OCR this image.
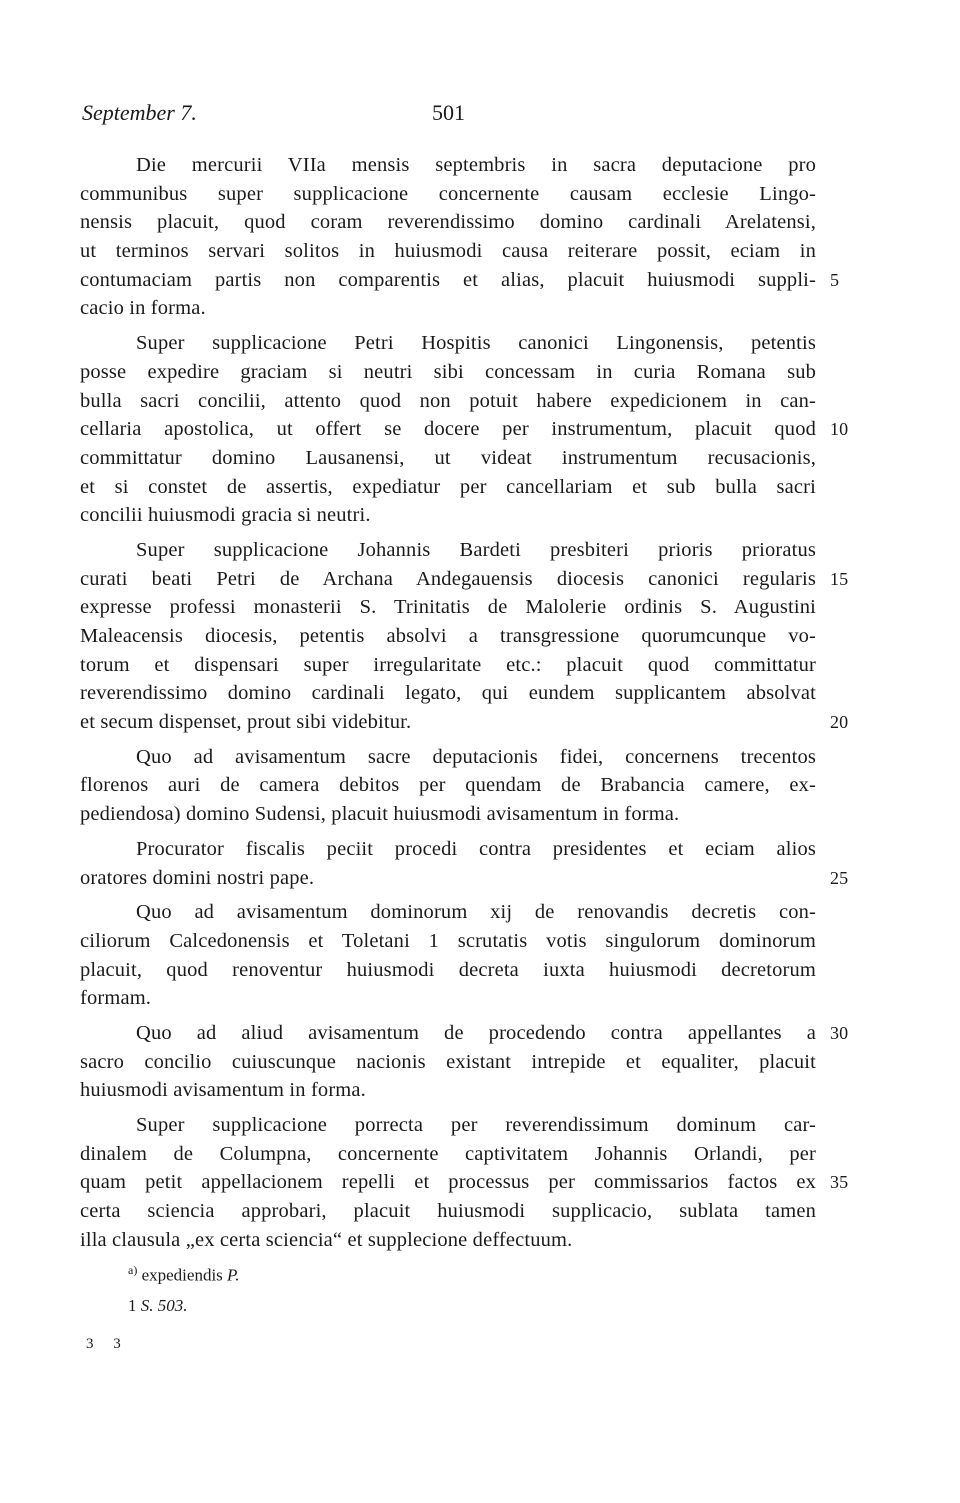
September 7.	501
Die mercurii VIIa mensis septembris in sacra deputacione pro
communibus super supplicacione concernente causam ecclesie Lingo-
nensis placuit, quod coram reverendissimo domino cardinali Arelatensi,
ut terminos servari solitos in huiusmodi causa reiterare possit, eciam in
contumaciam partis non comparentis et alias, placuit huiusmodi suppli- 5
cacio in forma.
Super supplicacione Petri Hospitis canonici Lingonensis, petentis
posse expedire graciam si neutri sibi concessam in curia Romana sub
bulla sacri concilii, attento quod non potuit habere expedicionem in can-
cellaria apostolica, ut offert se docere per instrumentum, placuit quod 10
committatur domino Lausanensi, ut videat instrumentum recusacionis,
et si constet de assertis, expediatur per cancellariam et sub bulla sacri
concilii huiusmodi gracia si neutri.
Super supplicacione Johannis Bardeti presbiteri prioris prioratus
curati beati Petri de Archana Andegauensis diocesis canonici regularis 15
expresse professi monasterii S. Trinitatis de Malolerie ordinis S. Augustini
Maleacensis diocesis, petentis absolvi a transgressione quorumcunque vo-
torum et dispensari super irregularitate etc.: placuit quod committatur
reverendissimo domino cardinali legato, qui eundem supplicantem absolvat
et secum dispenset, prout sibi videbitur.	20
Quo ad avisamentum sacre deputacionis fidei, concernens trecentos
florenos auri de camera debitos per quendam de Brabancia camere, ex-
pediendosa) domino Sudensi, placuit huiusmodi avisamentum in forma.
Procurator fiscalis peciit procedi contra presidentes et eciam alios
oratores domini nostri pape.	25
Quo ad avisamentum dominorum xij de renovandis decretis con-
ciliorum Calcedonensis et Toletani 1 scrutatis votis singulorum dominorum
placuit, quod renoventur huiusmodi decreta iuxta huiusmodi decretorum
formam.
Quo ad aliud avisamentum de procedendo contra appellantes a 30
sacro concilio cuiuscunque nacionis existant intrepide et equaliter, placuit
huiusmodi avisamentum in forma.
Super supplicacione porrecta per reverendissimum dominum car-
dinalem de Columpna, concernente captivitatem Johannis Orlandi, per
quam petit appellacionem repelli et processus per commissarios factos ex 35
certa sciencia approbari, placuit huiusmodi supplicacio, sublata tamen
illa clausula „ex certa sciencia“ et supplecione deffectuum.
$^{a)}$ expediendis P.
1 S. 503.
3 3
